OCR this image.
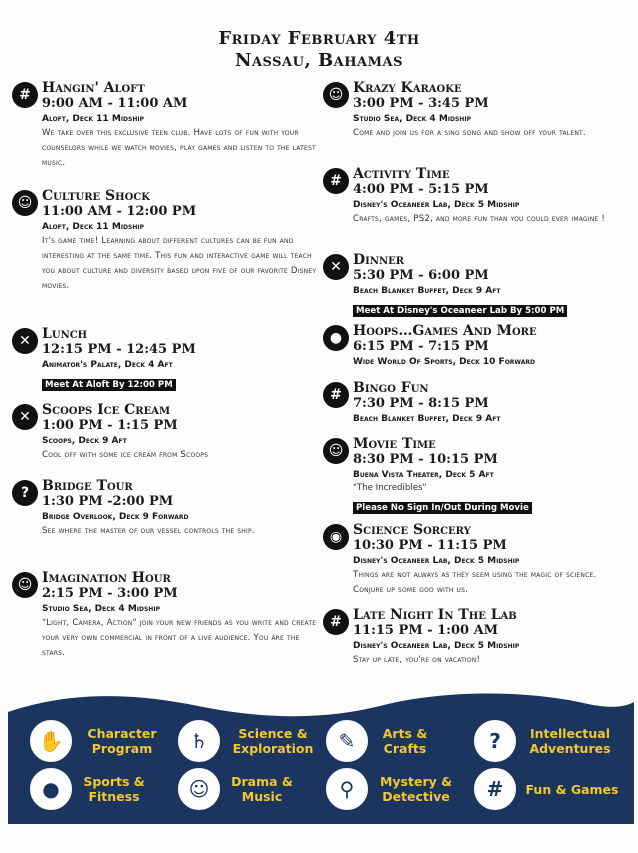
Friday February 4th
Nassau, Bahamas
# Hangin' Aloft
9:00 AM - 11:00 AM
Aloft, Deck 11 Midship
We take over this exclusive teen club. Have lots of fun with your counselors while we watch movies, play games and listen to the latest music.
☺ Culture Shock
11:00 AM - 12:00 PM
Aloft, Deck 11 Midship
It's game time! Learning about different cultures can be fun and interesting at the same time. This fun and interactive game will teach you about culture and diversity based upon five of our favorite Disney movies.
✕ Lunch
12:15 PM - 12:45 PM
Animator's Palate, Deck 4 Aft
Meet At Aloft By 12:00 PM
✕ Scoops Ice Cream
1:00 PM - 1:15 PM
Scoops, Deck 9 Aft
Cool off with some ice cream from Scoops
? Bridge Tour
1:30 PM -2:00 PM
Bridge Overlook, Deck 9 Forward
See where the master of our vessel controls the ship.
☺ Imagination Hour
2:15 PM - 3:00 PM
Studio Sea, Deck 4 Midship
"Light, Camera, Action" join your new friends as you write and create your very own commercial in front of a live audience. You are the stars.
☺ Krazy Karaoke
3:00 PM - 3:45 PM
Studio Sea, Deck 4 Midship
Come and join us for a sing song and show off your talent.
# Activity Time
4:00 PM - 5:15 PM
Disney's Oceaneer Lab, Deck 5 Midship
Crafts, games, PS2, and more fun than you could ever imagine !
✕ Dinner
5:30 PM - 6:00 PM
Beach Blanket Buffet, Deck 9 Aft
Meet At Disney's Oceaneer Lab By 5:00 PM
● Hoops…Games And More
6:15 PM - 7:15 PM
Wide World Of Sports, Deck 10 Forward
# Bingo Fun
7:30 PM - 8:15 PM
Beach Blanket Buffet, Deck 9 Aft
☺ Movie Time
8:30 PM - 10:15 PM
Buena Vista Theater, Deck 5 Aft
"The Incredibles"
Please No Sign In/Out During Movie
◉ Science Sorcery
10:30 PM - 11:15 PM
Disney's Oceaneer Lab, Deck 5 Midship
Things are not always as they seem using the magic of science. Conjure up some goo with us.
# Late Night In The Lab
11:15 PM - 1:00 AM
Disney's Oceaneer Lab, Deck 5 Midship
Stay up late, you're on vacation!
✋	Character Program	♄	Science & Exploration	✎	Arts & Crafts	?	Intellectual Adventures
●	Sports & Fitness	☺	Drama & Music	⚲	Mystery & Detective	#	Fun & Games
